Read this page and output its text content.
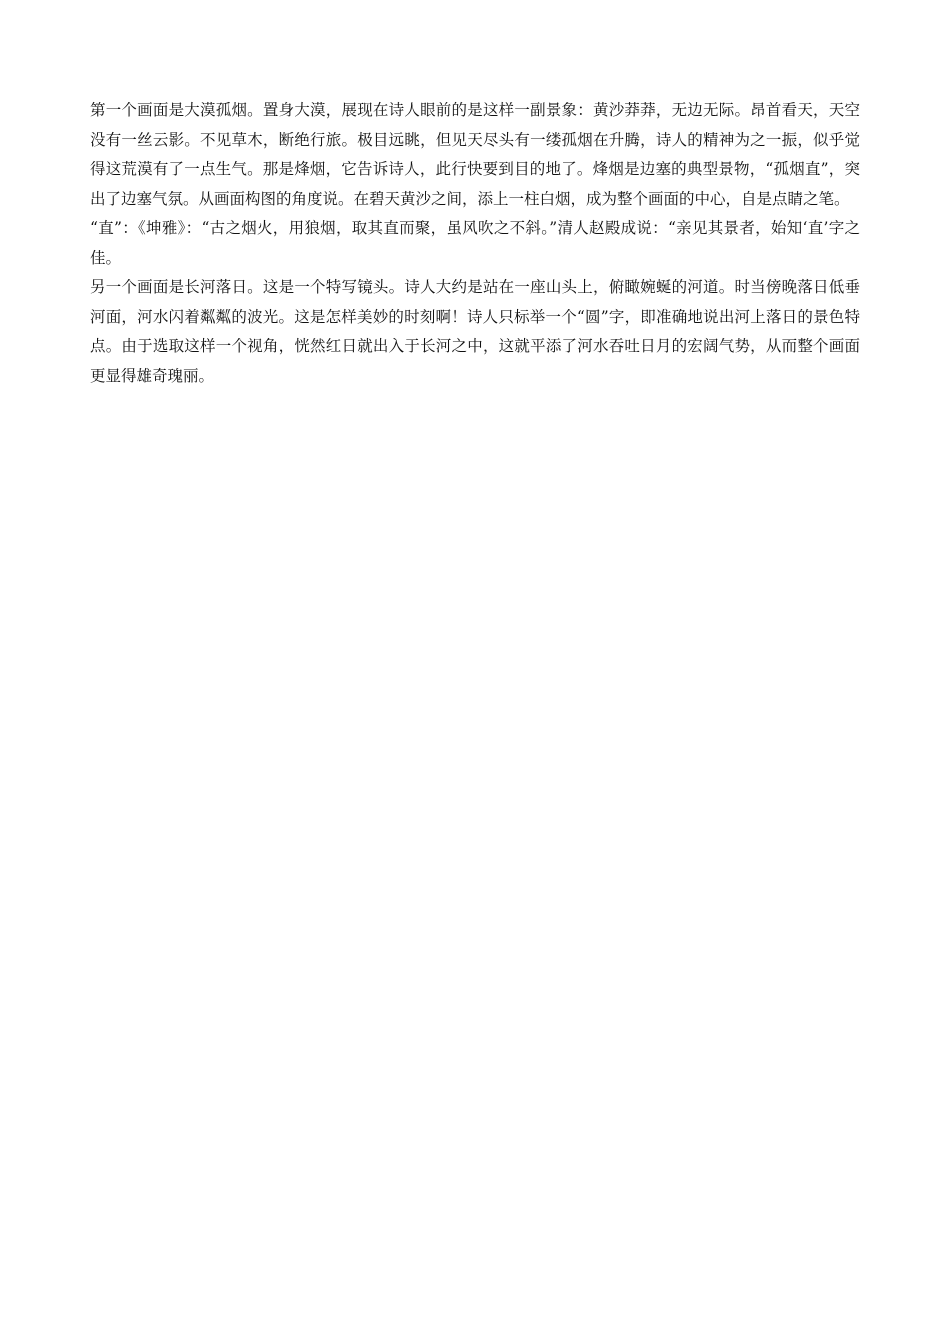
第一个画面是大漠孤烟。置身大漠，展现在诗人眼前的是这样一副景象：黄沙莽莽，无边无际。昂首看天，天空没有一丝云影。不见草木，断绝行旅。极目远眺，但见天尽头有一缕孤烟在升腾，诗人的精神为之一振，似乎觉得这荒漠有了一点生气。那是烽烟，它告诉诗人，此行快要到目的地了。烽烟是边塞的典型景物，“孤烟直”，突出了边塞气氛。从画面构图的角度说。在碧天黄沙之间，添上一柱白烟，成为整个画面的中心，自是点睛之笔。

“直”：《坤雅》：“古之烟火，用狼烟，取其直而聚，虽风吹之不斜。”清人赵殿成说：“亲见其景者，始知‘直’字之佳。

另一个画面是长河落日。这是一个特写镜头。诗人大约是站在一座山头上，俯瞰婉蜒的河道。时当傍晚落日低垂河面，河水闪着粼粼的波光。这是怎样美妙的时刻啊！诗人只标举一个“圆”字，即准确地说出河上落日的景色特点。由于选取这样一个视角，恍然红日就出入于长河之中，这就平添了河水吞吐日月的宏阔气势，从而整个画面更显得雄奇瑰丽。
